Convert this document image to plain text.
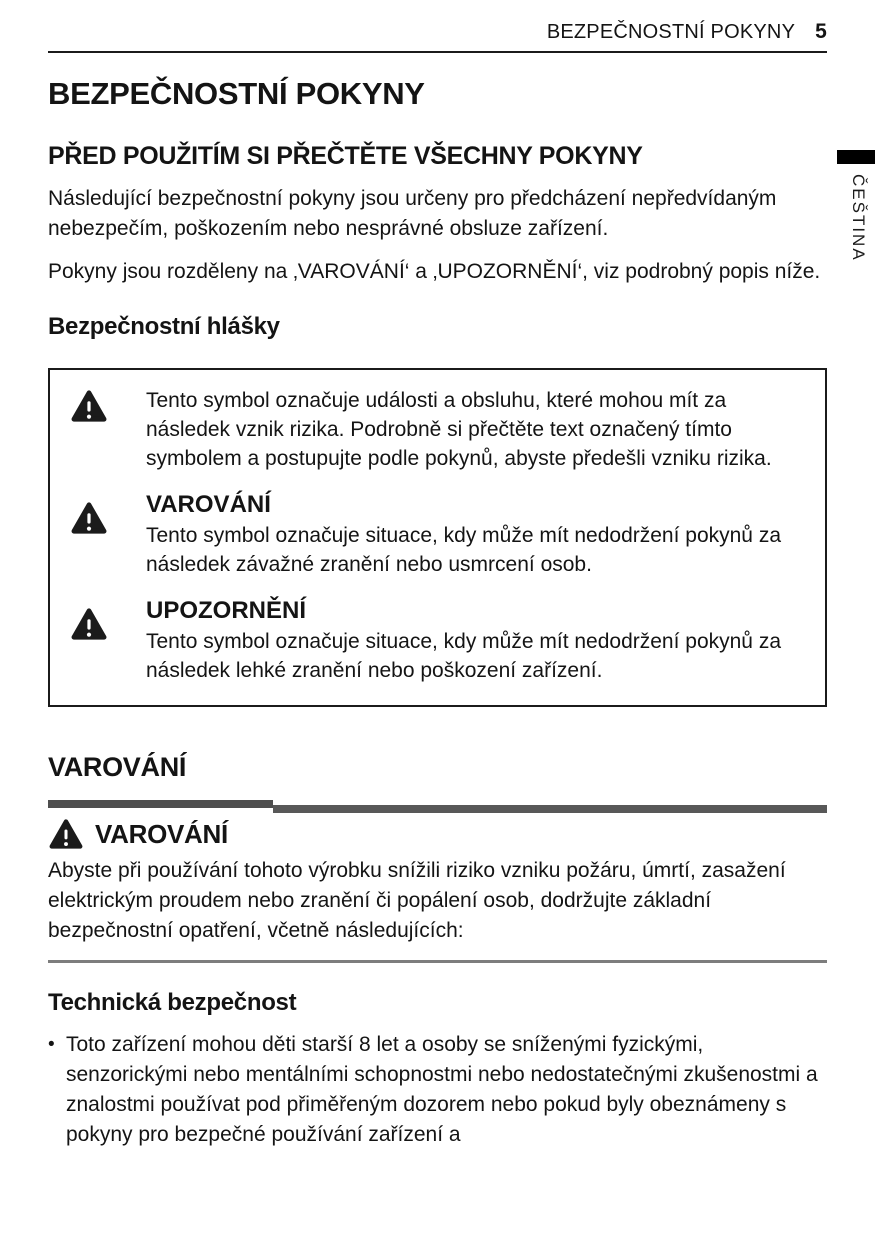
ČEŠTINA
BEZPEČNOSTNÍ POKYNY 5
BEZPEČNOSTNÍ POKYNY
PŘED POUŽITÍM SI PŘEČTĚTE VŠECHNY POKYNY

Následující bezpečnostní pokyny jsou určeny pro předcházení nepředvídaným nebezpečím, poškozením nebo nesprávné obsluze zařízení.

Pokyny jsou rozděleny na ‚VAROVÁNÍ‘ a ‚UPOZORNĚNÍ‘, viz podrobný popis níže.

Bezpečnostní hlášky

Tento symbol označuje události a obsluhu, které mohou mít za následek vznik rizika. Podrobně si přečtěte text označený tímto symbolem a postupujte podle pokynů, abyste předešli vzniku rizika.

VAROVÁNÍ

Tento symbol označuje situace, kdy může mít nedodržení pokynů za následek závažné zranění nebo usmrcení osob.

UPOZORNĚNÍ

Tento symbol označuje situace, kdy může mít nedodržení pokynů za následek lehké zranění nebo poškození zařízení.

VAROVÁNÍ
VAROVÁNÍ

Abyste při používání tohoto výrobku snížili riziko vzniku požáru, úmrtí, zasažení elektrickým proudem nebo zranění či popálení osob, dodržujte základní bezpečnostní opatření, včetně následujících:

Technická bezpečnost
• Toto zařízení mohou děti starší 8 let a osoby se sníženými fyzickými, senzorickými nebo mentálními schopnostmi nebo nedostatečnými zkušenostmi a znalostmi používat pod přiměřeným dozorem nebo pokud byly obeznámeny s pokyny pro bezpečné používání zařízení a
